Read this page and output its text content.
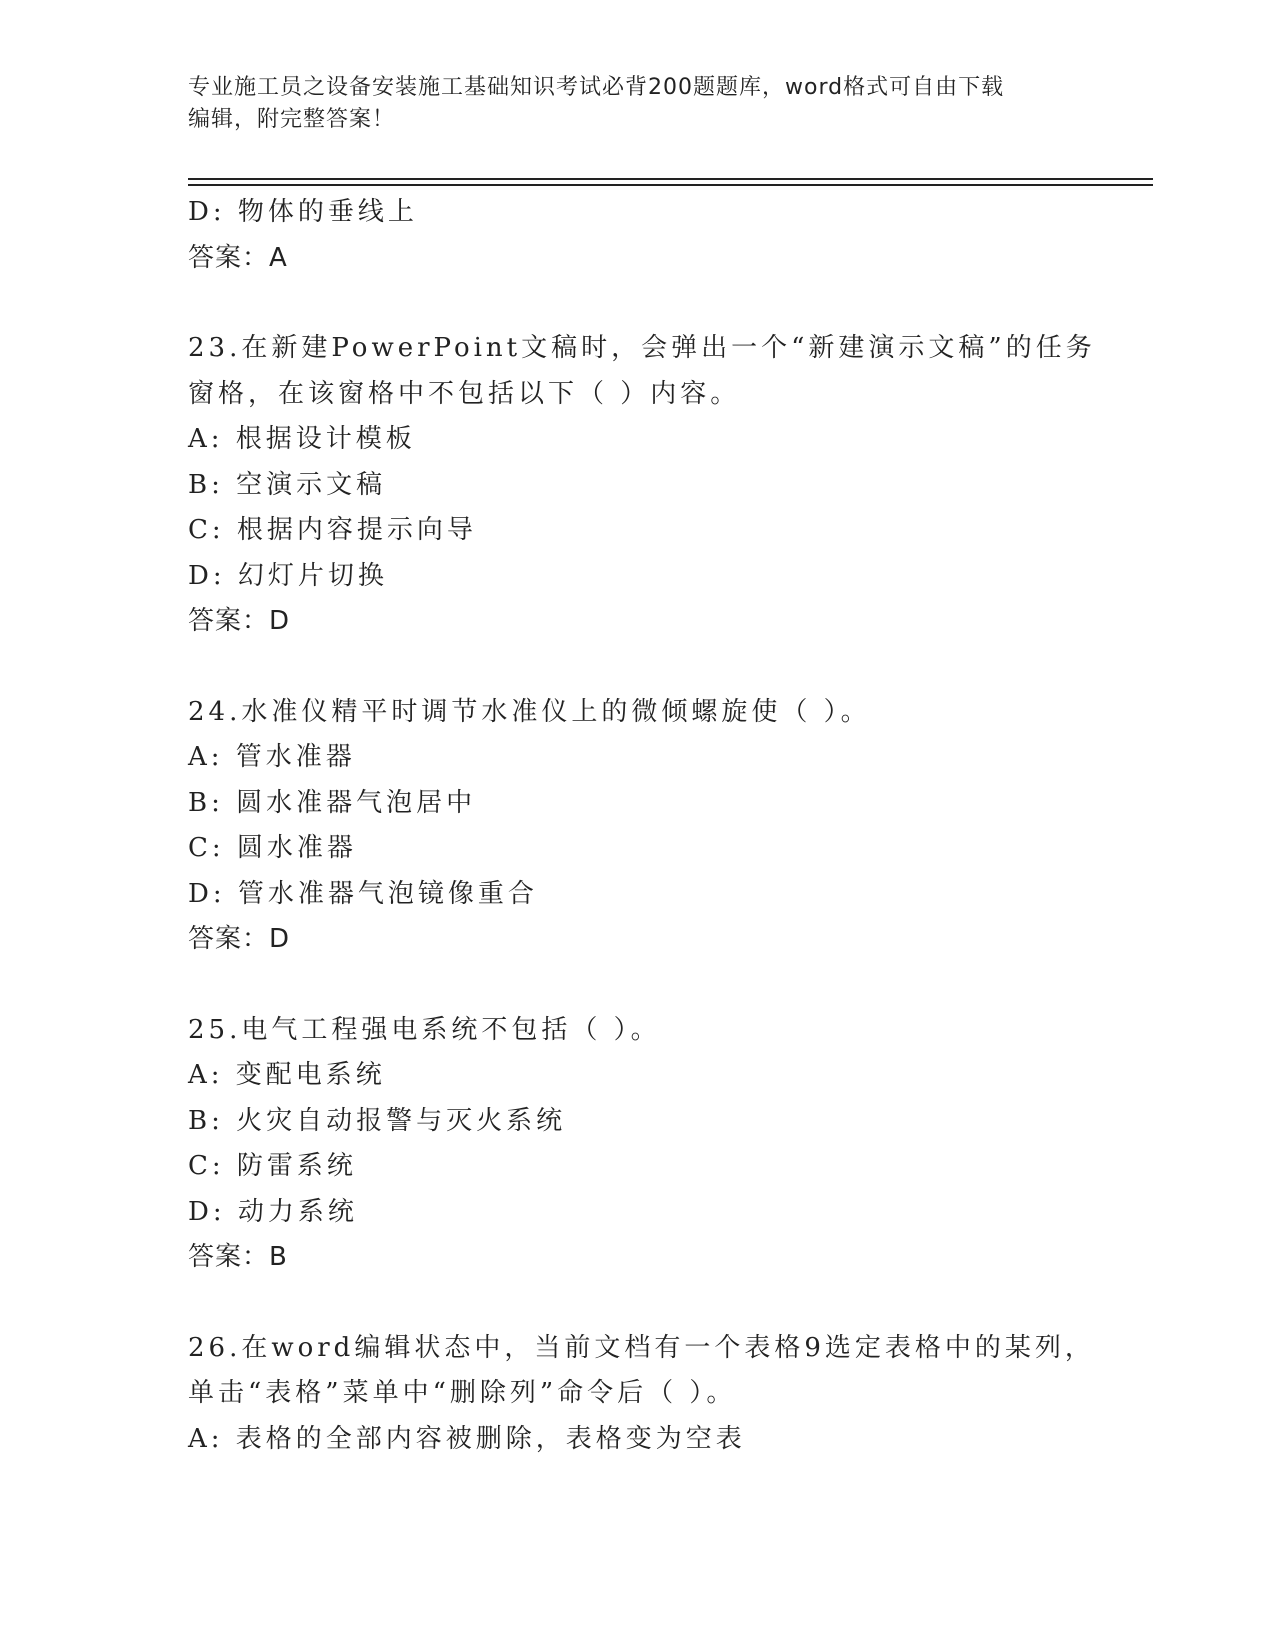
专业施工员之设备安装施工基础知识考试必背200题题库，word格式可自由下载

编辑，附完整答案！

D: 物体的垂线上

答案：A

23.在新建PowerPoint文稿时，会弹出一个“新建演示文稿”的任务

窗格，在该窗格中不包括以下（ ）内容。

A: 根据设计模板

B: 空演示文稿

C: 根据内容提示向导

D: 幻灯片切换

答案：D

24.水准仪精平时调节水准仪上的微倾螺旋使（ ）。

A: 管水准器

B: 圆水准器气泡居中

C: 圆水准器

D: 管水准器气泡镜像重合

答案：D

25.电气工程强电系统不包括（ ）。

A: 变配电系统

B: 火灾自动报警与灭火系统

C: 防雷系统

D: 动力系统

答案：B

26.在word编辑状态中，当前文档有一个表格9选定表格中的某列，

单击“表格”菜单中“删除列”命令后（ ）。

A: 表格的全部内容被删除，表格变为空表
